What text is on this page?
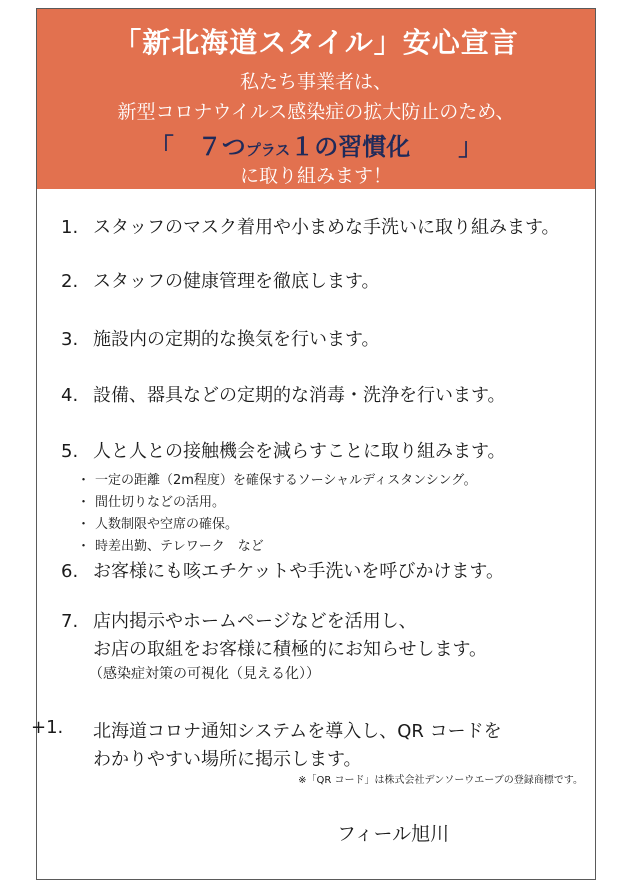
「新北海道スタイル」安心宣言
私たち事業者は、
新型コロナウイルス感染症の拡大防止のため、
「　７つプラス１の習慣化　　」
に取り組みます！
1. スタッフのマスク着用や小まめな手洗いに取り組みます。
2. スタッフの健康管理を徹底します。
3. 施設内の定期的な換気を行います。
4. 設備、器具などの定期的な消毒・洗浄を行います。
5. 人と人との接触機会を減らすことに取り組みます。
・ 一定の距離（2m程度）を確保するソーシャルディスタンシング。
・ 間仕切りなどの活用。
・ 人数制限や空席の確保。
・ 時差出勤、テレワーク　など
6. お客様にも咳エチケットや手洗いを呼びかけます。
7. 店内掲示やホームページなどを活用し、
お店の取組をお客様に積極的にお知らせします。
（感染症対策の可視化（見える化））
+1. 北海道コロナ通知システムを導入し、QR コードを
わかりやすい場所に掲示します。
※「QR コード」は株式会社デンソーウエーブの登録商標です。
フィール旭川
